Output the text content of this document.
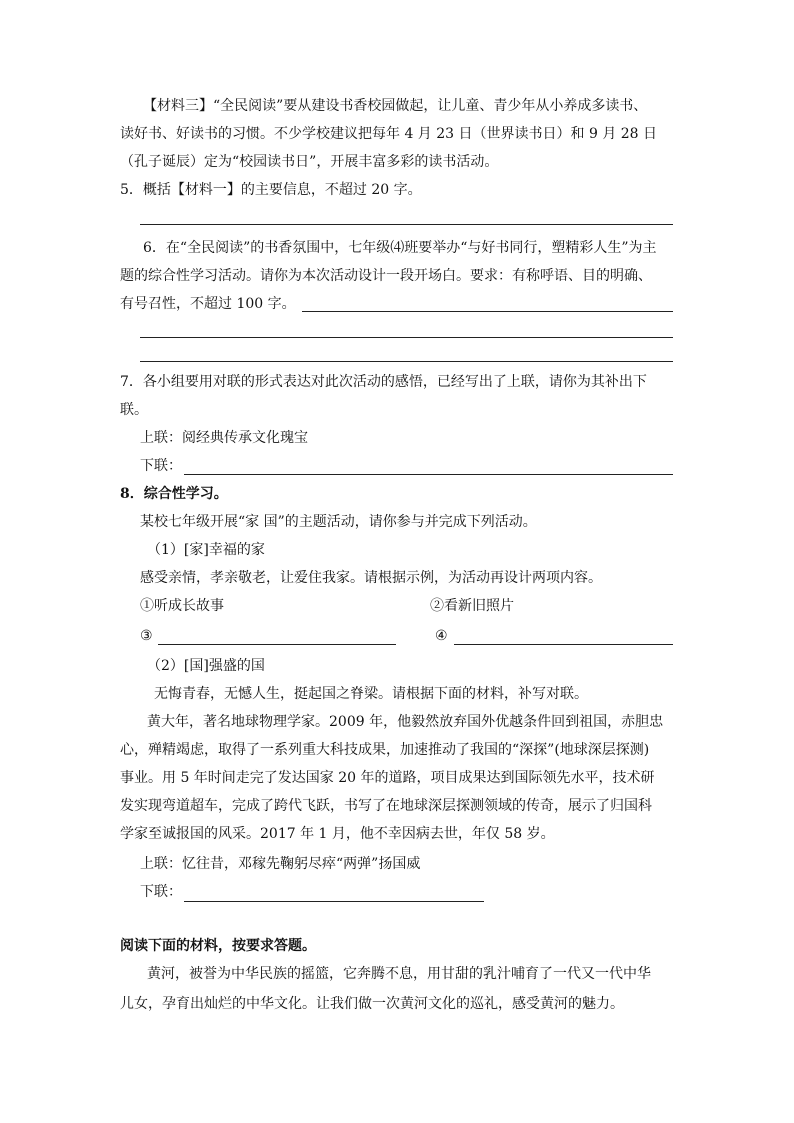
【材料三】“全民阅读”要从建设书香校园做起，让儿童、青少年从小养成多读书、
读好书、好读书的习惯。不少学校建议把每年 4 月 23 日（世界读书日）和 9 月 28 日
（孔子诞辰）定为“校园读书日”，开展丰富多彩的读书活动。
5．概括【材料一】的主要信息，不超过 20 字。
6．在“全民阅读”的书香氛围中，七年级⑷班要举办“与好书同行，塑精彩人生”为主
题的综合性学习活动。请你为本次活动设计一段开场白。要求：有称呼语、目的明确、
有号召性，不超过 100 字。
7．各小组要用对联的形式表达对此次活动的感悟，已经写出了上联，请你为其补出下
联。
上联：阅经典传承文化瑰宝
下联：
8．综合性学习。
某校七年级开展“家 国”的主题活动，请你参与并完成下列活动。
（1）[家]幸福的家
感受亲情，孝亲敬老，让爱住我家。请根据示例，为活动再设计两项内容。
①听成长故事	②看新旧照片
③	④
（2）[国]强盛的国
无悔青春，无憾人生，挺起国之脊梁。请根据下面的材料，补写对联。
黄大年，著名地球物理学家。2009 年，他毅然放弃国外优越条件回到祖国，赤胆忠
心，殚精竭虑，取得了一系列重大科技成果，加速推动了我国的“深探”(地球深层探测)
事业。用 5 年时间走完了发达国家 20 年的道路，项目成果达到国际领先水平，技术研
发实现弯道超车，完成了跨代飞跃，书写了在地球深层探测领域的传奇，展示了归国科
学家至诚报国的风采。2017 年 1 月，他不幸因病去世，年仅 58 岁。
上联：忆往昔，邓稼先鞠躬尽瘁“两弹”扬国威
下联：
阅读下面的材料，按要求答题。
黄河，被誉为中华民族的摇篮，它奔腾不息，用甘甜的乳汁哺育了一代又一代中华
儿女，孕育出灿烂的中华文化。让我们做一次黄河文化的巡礼，感受黄河的魅力。
